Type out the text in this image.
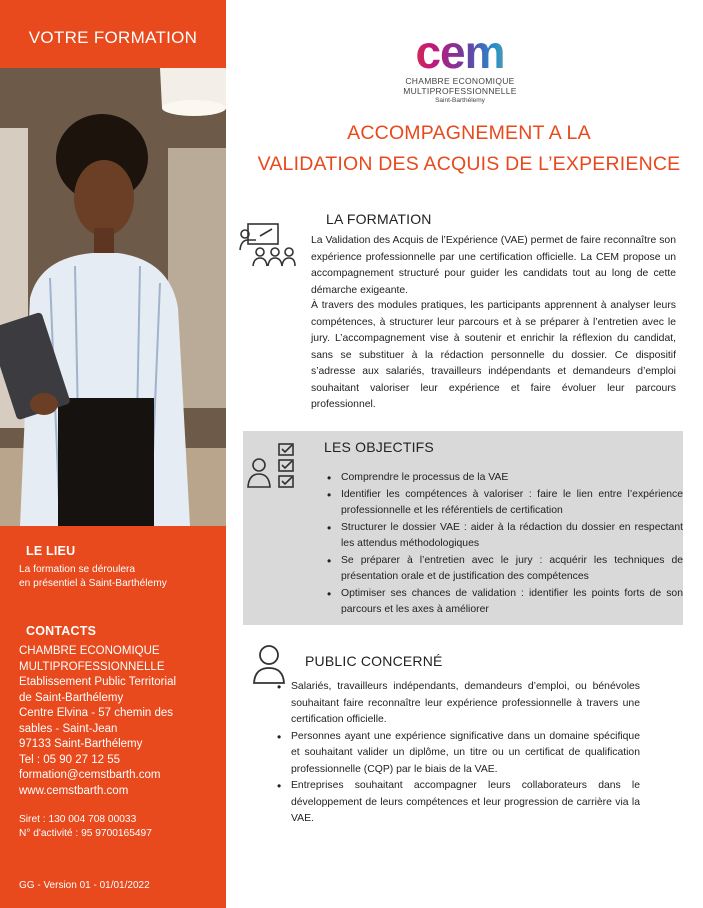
VOTRE FORMATION
LE LIEU
La formation se déroulera
en présentiel à Saint-Barthélemy
CONTACTS
CHAMBRE ECONOMIQUE
MULTIPROFESSIONNELLE
Etablissement Public Territorial
de Saint-Barthélemy
Centre Elvina - 57 chemin des
sables - Saint-Jean
97133 Saint-Barthélemy
Tel : 05 90 27 12 55
formation@cemstbarth.com
www.cemstbarth.com
Siret : 130 004 708 00033
N° d'activité : 95 9700165497
GG - Version 01 - 01/01/2022
cem
CHAMBRE ECONOMIQUE
MULTIPROFESSIONNELLE
Saint-Barthélemy
ACCOMPAGNEMENT A LA
VALIDATION DES ACQUIS DE L’EXPERIENCE
LA FORMATION
La Validation des Acquis de l’Expérience (VAE) permet de faire reconnaître son expérience professionnelle par une certification officielle. La CEM propose un accompagnement structuré pour guider les candidats tout au long de cette démarche exigeante.
À travers des modules pratiques, les participants apprennent à analyser leurs compétences, à structurer leur parcours et à se préparer à l’entretien avec le jury. L’accompagnement vise à soutenir et enrichir la réflexion du candidat, sans se substituer à la rédaction personnelle du dossier. Ce dispositif s’adresse aux salariés, travailleurs indépendants et demandeurs d’emploi souhaitant valoriser leur expérience et faire évoluer leur parcours professionnel.
LES OBJECTIFS
• Comprendre le processus de la VAE
• Identifier les compétences à valoriser : faire le lien entre l’expérience professionnelle et les référentiels de certification
• Structurer le dossier VAE : aider à la rédaction du dossier en respectant les attendus méthodologiques
• Se préparer à l’entretien avec le jury : acquérir les techniques de présentation orale et de justification des compétences
• Optimiser ses chances de validation : identifier les points forts de son parcours et les axes à améliorer
PUBLIC CONCERNÉ
• Salariés, travailleurs indépendants, demandeurs d’emploi, ou bénévoles souhaitant faire reconnaître leur expérience professionnelle à travers une certification officielle.
• Personnes ayant une expérience significative dans un domaine spécifique et souhaitant valider un diplôme, un titre ou un certificat de qualification professionnelle (CQP) par le biais de la VAE.
• Entreprises souhaitant accompagner leurs collaborateurs dans le développement de leurs compétences et leur progression de carrière via la VAE.
